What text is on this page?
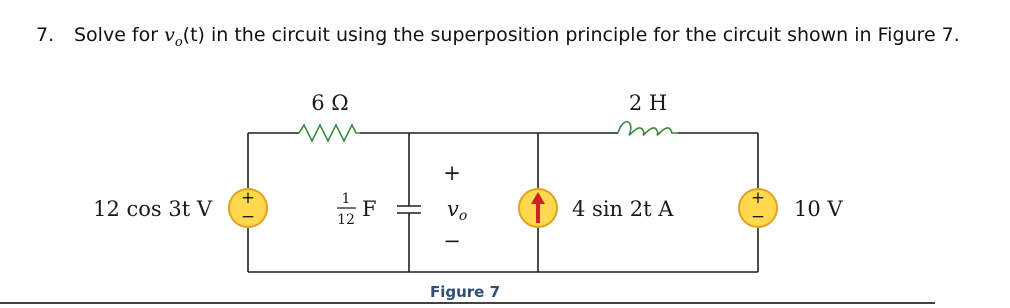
7. Solve for $v_o(t)$ in the circuit using the superposition principle for the circuit shown in Figure 7.
+
−
+
−
6 Ω	2 H
12 cos 3t V	1
12 F
+
vo
−
4 sin 2t A	10 V
Figure 7
